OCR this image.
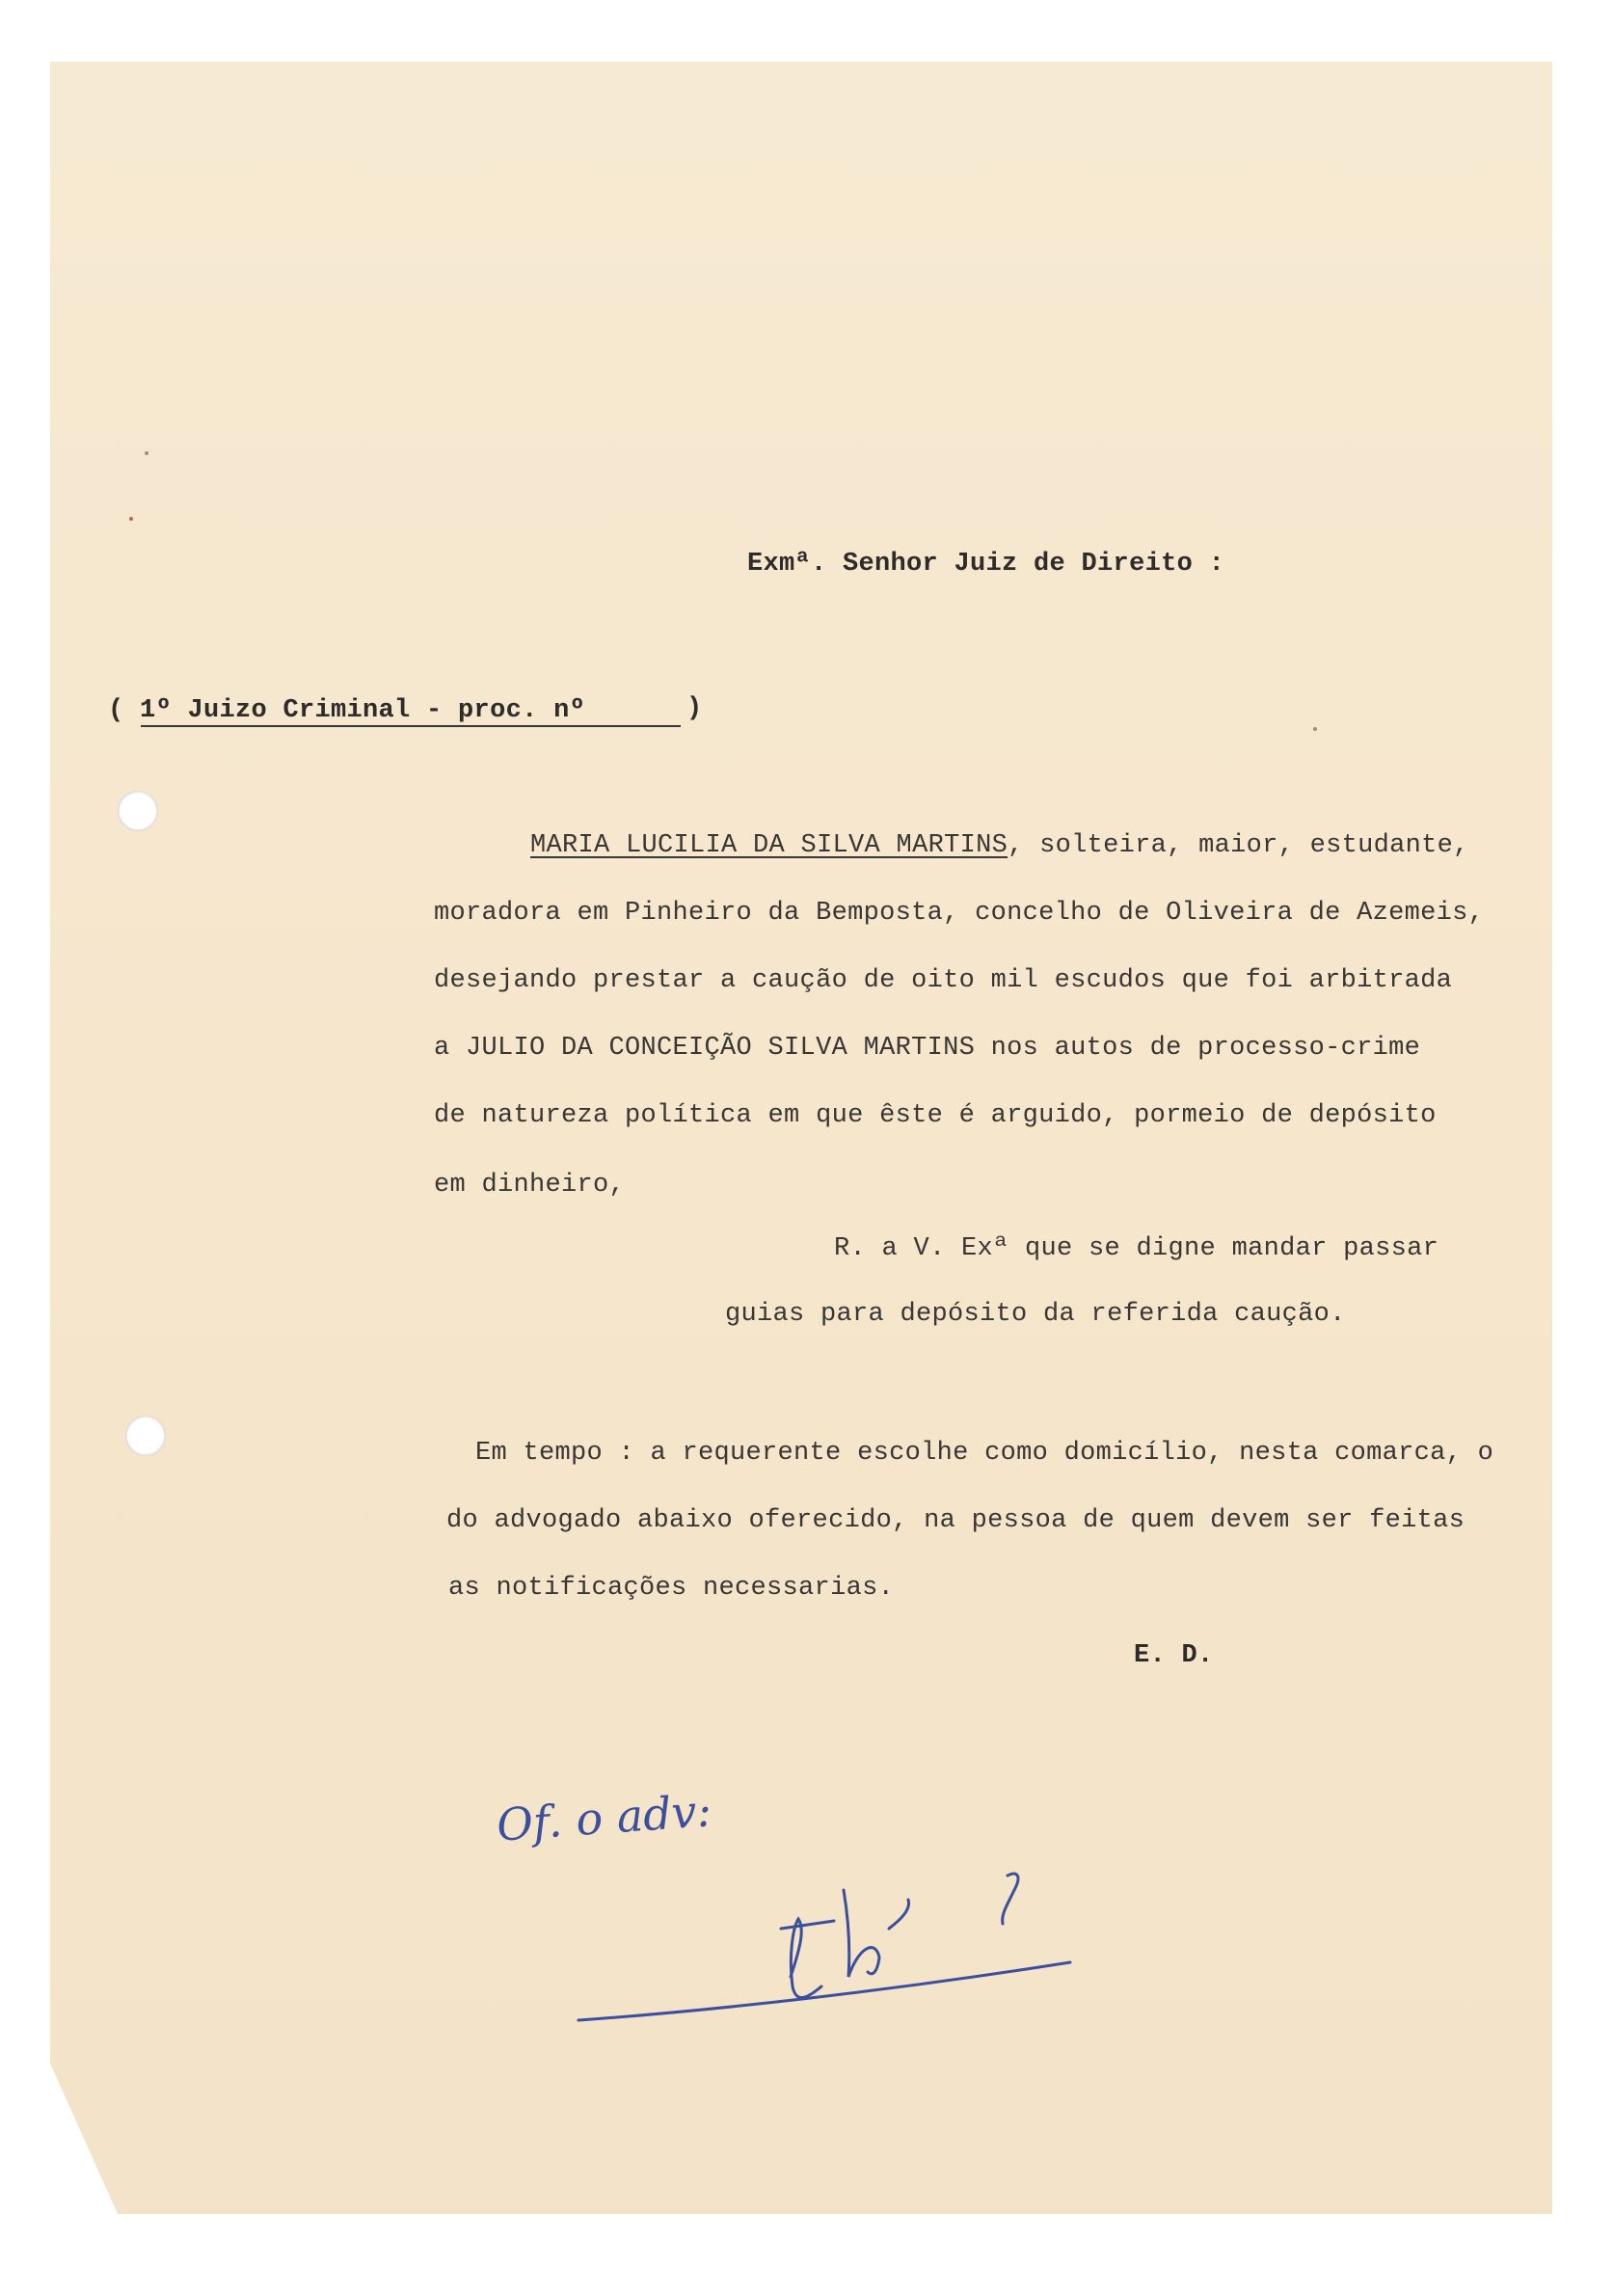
Exmª. Senhor Juiz de Direito :
( 1º Juizo Criminal - proc. nº	)
MARIA LUCILIA DA SILVA MARTINS, solteira, maior, estudante,
moradora em Pinheiro da Bemposta, concelho de Oliveira de Azemeis,
desejando prestar a caução de oito mil escudos que foi arbitrada
a JULIO DA CONCEIÇÃO SILVA MARTINS nos autos de processo-crime
de natureza política em que êste é arguido, pormeio de depósito
em dinheiro,
R. a V. Exª que se digne mandar passar
guias para depósito da referida caução.
Em tempo : a requerente escolhe como domicílio, nesta comarca, o
do advogado abaixo oferecido, na pessoa de quem devem ser feitas
as notificações necessarias.
E. D.
Of. o adv:
